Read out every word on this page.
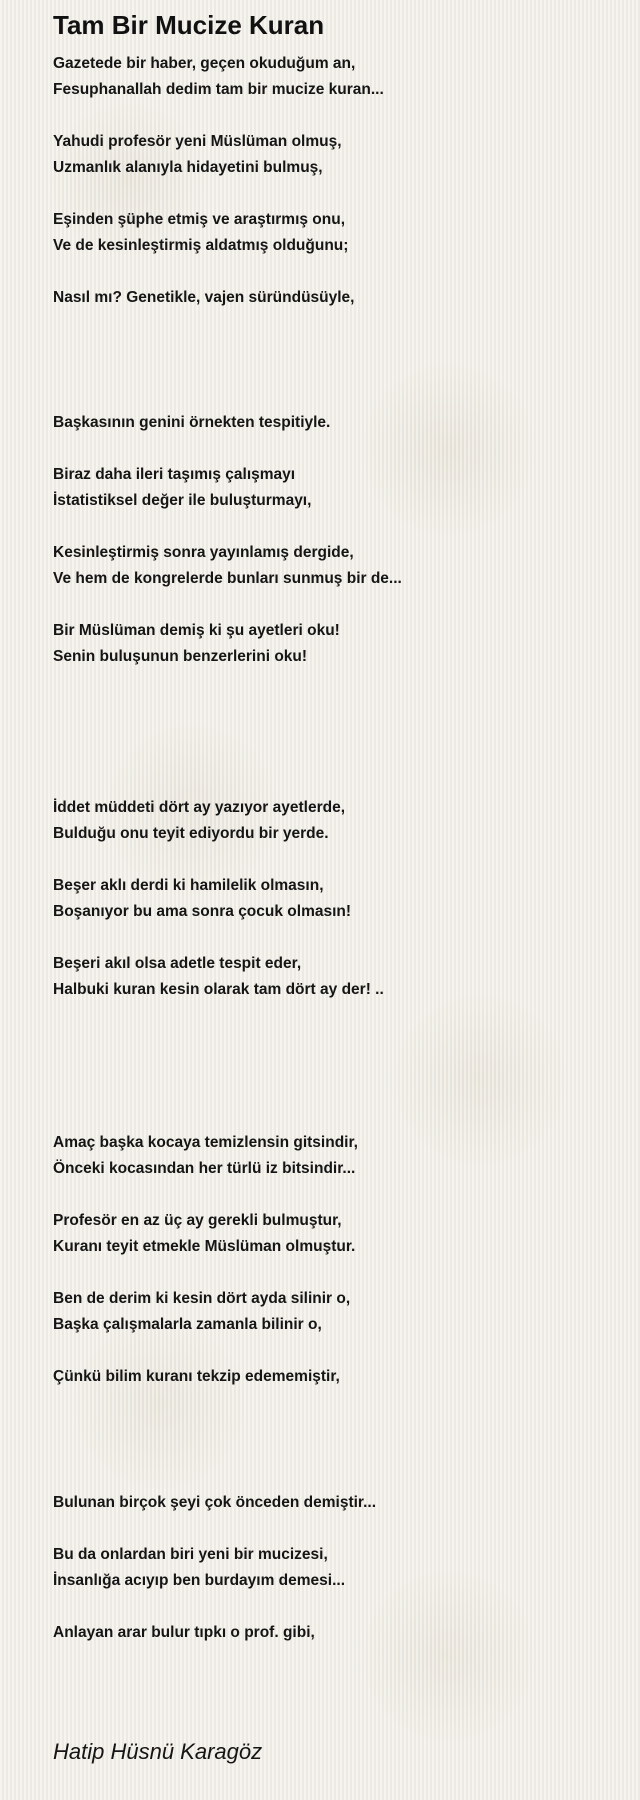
Tam Bir Mucize Kuran

Gazetede bir haber, geçen okuduğum an,

Fesuphanallah dedim tam bir mucize kuran...

Yahudi profesör yeni Müslüman olmuş,

Uzmanlık alanıyla hidayetini bulmuş,

Eşinden şüphe etmiş ve araştırmış onu,

Ve de kesinleştirmiş aldatmış olduğunu;

Nasıl mı? Genetikle, vajen süründüsüyle,

Başkasının genini örnekten tespitiyle.

Biraz daha ileri taşımış çalışmayı

İstatistiksel değer ile buluşturmayı,

Kesinleştirmiş sonra yayınlamış dergide,

Ve hem de kongrelerde bunları sunmuş bir de...

Bir Müslüman demiş ki şu ayetleri oku!

Senin buluşunun benzerlerini oku!

İddet müddeti dört ay yazıyor ayetlerde,

Bulduğu onu teyit ediyordu bir yerde.

Beşer aklı derdi ki hamilelik olmasın,

Boşanıyor bu ama sonra çocuk olmasın!

Beşeri akıl olsa adetle tespit eder,

Halbuki kuran kesin olarak tam dört ay der! ..

Amaç başka kocaya temizlensin gitsindir,

Önceki kocasından her türlü iz bitsindir...

Profesör en az üç ay gerekli bulmuştur,

Kuranı teyit etmekle Müslüman olmuştur.

Ben de derim ki kesin dört ayda silinir o,

Başka çalışmalarla zamanla bilinir o,

Çünkü bilim kuranı tekzip edememiştir,

Bulunan birçok şeyi çok önceden demiştir...

Bu da onlardan biri yeni bir mucizesi,

İnsanlığa acıyıp ben burdayım demesi...

Anlayan arar bulur tıpkı o prof. gibi,

Hatip Hüsnü Karagöz
